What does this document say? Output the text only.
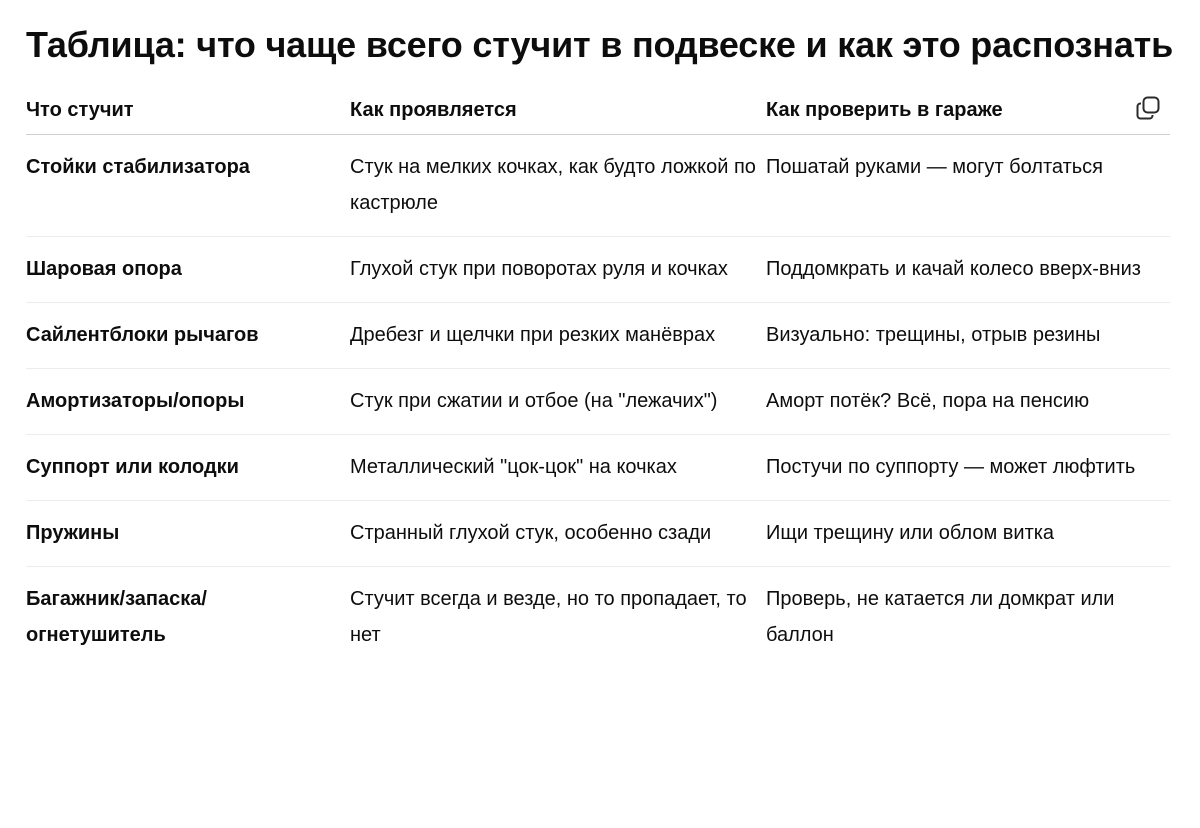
Таблица: что чаще всего стучит в подвеске и как это распознать
Что стучит	Как проявляется	Как проверить в гараже
Стойки стабилизатора	Стук на мелких кочках, как будто ложкой по кастрюле	Пошатай руками — могут болтаться
Шаровая опора	Глухой стук при поворотах руля и кочках	Поддомкрать и качай колесо вверх-вниз
Сайлентблоки рычагов	Дребезг и щелчки при резких манёврах	Визуально: трещины, отрыв резины
Амортизаторы/опоры	Стук при сжатии и отбое (на "лежачих")	Аморт потёк? Всё, пора на пенсию
Суппорт или колодки	Металлический "цок-цок" на кочках	Постучи по суппорту — может люфтить
Пружины	Странный глухой стук, особенно сзади	Ищи трещину или облом витка
Багажник/запаска/огнетушитель	Стучит всегда и везде, но то пропадает, то нет	Проверь, не катается ли домкрат или баллон
